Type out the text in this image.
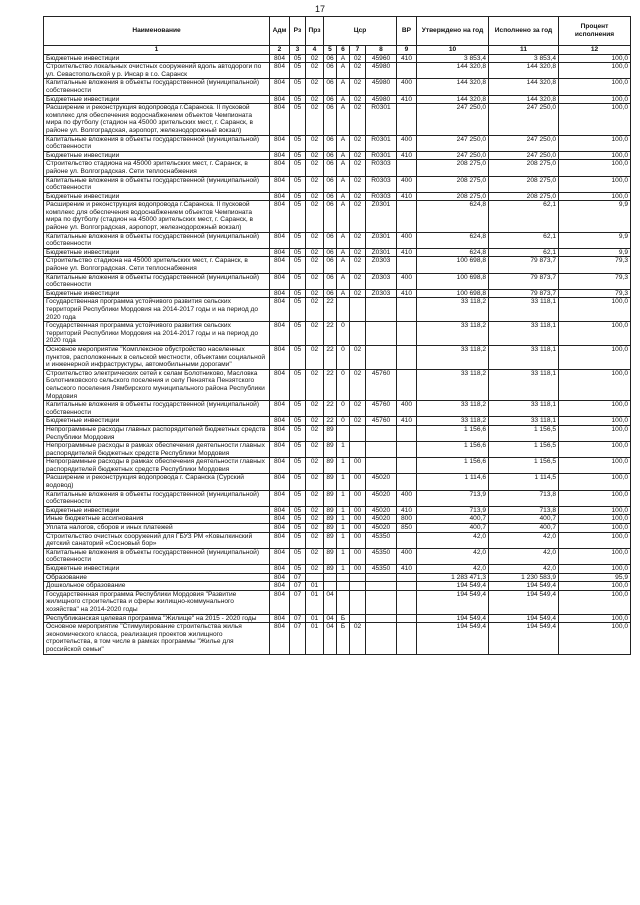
17
Наименование	Адм	Рз	Прз	Цср				ВР	Утверждено на год	Исполнено за год	Процент исполнения
1	2	3	4	5	6	7	8	9	10	11	12
Бюджетные инвестиции	804	05	02	06	А	02	45960	410	3 853,4	3 853,4	100,0
Строительство локальных очистных сооружений вдоль автодороги по ул. Севастопольской у р. Инсар в г.о. Саранск	804	05	02	06	А	02	45980		144 320,8	144 320,8	100,0
Капитальные вложения в объекты государственной (муниципальной) собственности	804	05	02	06	А	02	45980	400	144 320,8	144 320,8	100,0
Бюджетные инвестиции	804	05	02	06	А	02	45980	410	144 320,8	144 320,8	100,0
Расширение и реконструкция водопровода г.Саранска. II пусковой комплекс для обеспечения водоснабжением объектов Чемпионата мира по футболу (стадион на 45000 зрительских мест, г. Саранск, в районе ул. Волгоградская, аэропорт, железнодорожный вокзал)	804	05	02	06	А	02	R0301		247 250,0	247 250,0	100,0
Капитальные вложения в объекты государственной (муниципальной) собственности	804	05	02	06	А	02	R0301	400	247 250,0	247 250,0	100,0
Бюджетные инвестиции	804	05	02	06	А	02	R0301	410	247 250,0	247 250,0	100,0
Строительство стадиона на 45000 зрительских мест, г. Саранск, в районе ул. Волгоградская. Сети теплоснабжения	804	05	02	06	А	02	R0303		208 275,0	208 275,0	100,0
Капитальные вложения в объекты государственной (муниципальной) собственности	804	05	02	06	А	02	R0303	400	208 275,0	208 275,0	100,0
Бюджетные инвестиции	804	05	02	06	А	02	R0303	410	208 275,0	208 275,0	100,0
Расширение и реконструкция водопровода г.Саранска. II пусковой комплекс для обеспечения водоснабжением объектов Чемпионата мира по футболу (стадион на 45000 зрительских мест, г. Саранск, в районе ул. Волгоградская, аэропорт, железнодорожный вокзал)	804	05	02	06	А	02	Z0301		624,8	62,1	9,9
Капитальные вложения в объекты государственной (муниципальной) собственности	804	05	02	06	А	02	Z0301	400	624,8	62,1	9,9
Бюджетные инвестиции	804	05	02	06	А	02	Z0301	410	624,8	62,1	9,9
Строительство стадиона на 45000 зрительских мест, г. Саранск, в районе ул. Волгоградская. Сети теплоснабжения	804	05	02	06	А	02	Z0303		100 698,8	79 873,7	79,3
Капитальные вложения в объекты государственной (муниципальной) собственности	804	05	02	06	А	02	Z0303	400	100 698,8	79 873,7	79,3
Бюджетные инвестиции	804	05	02	06	А	02	Z0303	410	100 698,8	79 873,7	79,3
Государственная программа устойчивого развития сельских территорий Республики Мордовия на 2014-2017 годы и на период до 2020 года	804	05	02	22					33 118,2	33 118,1	100,0
Государственная программа устойчивого развития сельских территорий Республики Мордовия на 2014-2017 годы и на период до 2020 года	804	05	02	22	0				33 118,2	33 118,1	100,0
Основное мероприятие "Комплексное обустройство населенных пунктов, расположенных в сельской местности, объектами социальной и инженерной инфраструктуры, автомобильными дорогами"	804	05	02	22	0	02			33 118,2	33 118,1	100,0
Строительство электрических сетей к селам Болотниково, Масловка Болотниковского сельского поселения и селу Пензятка Пензятского сельского поселения Лямбирского муниципального района Республики Мордовия	804	05	02	22	0	02	45760		33 118,2	33 118,1	100,0
Капитальные вложения в объекты государственной (муниципальной) собственности	804	05	02	22	0	02	45760	400	33 118,2	33 118,1	100,0
Бюджетные инвестиции	804	05	02	22	0	02	45760	410	33 118,2	33 118,1	100,0
Непрограммные расходы главных распорядителей бюджетных средств Республики Мордовия	804	05	02	89					1 156,6	1 156,5	100,0
Непрограммные расходы в рамках обеспечения деятельности главных распорядителей бюджетных средств Республики Мордовия	804	05	02	89	1				1 156,6	1 156,5	100,0
Непрограммные расходы в рамках обеспечения деятельности главных распорядителей бюджетных средств Республики Мордовия	804	05	02	89	1	00			1 156,6	1 156,5	100,0
Расширение и реконструкция водопровода г. Саранска (Сурский водовод)	804	05	02	89	1	00	45020		1 114,6	1 114,5	100,0
Капитальные вложения в объекты государственной (муниципальной) собственности	804	05	02	89	1	00	45020	400	713,9	713,8	100,0
Бюджетные инвестиции	804	05	02	89	1	00	45020	410	713,9	713,8	100,0
Иные бюджетные ассигнования	804	05	02	89	1	00	45020	800	400,7	400,7	100,0
Уплата налогов, сборов и иных платежей	804	05	02	89	1	00	45020	850	400,7	400,7	100,0
Строительство очистных сооружений для ГБУЗ РМ «Ковылкинский детский санаторий «Сосновый бор»	804	05	02	89	1	00	45350		42,0	42,0	100,0
Капитальные вложения в объекты государственной (муниципальной) собственности	804	05	02	89	1	00	45350	400	42,0	42,0	100,0
Бюджетные инвестиции	804	05	02	89	1	00	45350	410	42,0	42,0	100,0
Образование	804	07							1 283 471,3	1 230 583,9	95,9
Дошкольное образование	804	07	01						194 549,4	194 549,4	100,0
Государственная программа Республики Мордовия "Развитие жилищного строительства и сферы жилищно-коммунального хозяйства" на 2014-2020 годы	804	07	01	04					194 549,4	194 549,4	100,0
Республиканская целевая программа "Жилище" на 2015 - 2020 годы	804	07	01	04	Б				194 549,4	194 549,4	100,0
Основное мероприятие "Стимулирование строительства жилья экономического класса, реализация проектов жилищного строительства, в том числе в рамках программы "Жилье для российской семьи"	804	07	01	04	Б	02			194 549,4	194 549,4	100,0
